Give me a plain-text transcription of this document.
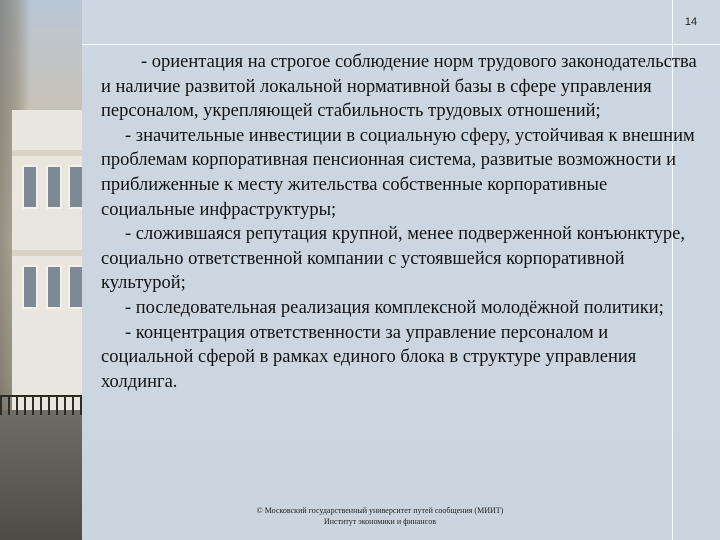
14

- ориентация на строгое соблюдение норм трудового законодательства и наличие развитой локальной нормативной базы в сфере управления персоналом, укрепляющей стабильность трудовых отношений;

- значительные инвестиции в социальную сферу, устойчивая к внешним проблемам корпоративная пенсионная система, развитые возможности и приближенные к месту жительства собственные корпоративные социальные инфраструктуры;

- сложившаяся репутация крупной, менее подверженной конъюнктуре, социально ответственной компании с устоявшейся корпоративной культурой;

- последовательная реализация комплексной молодёжной политики;

- концентрация ответственности за управление персоналом и социальной сферой в рамках единого блока в структуре управления холдинга.

© Московский государственный университет путей сообщения (МИИТ)
Институт экономики и финансов
